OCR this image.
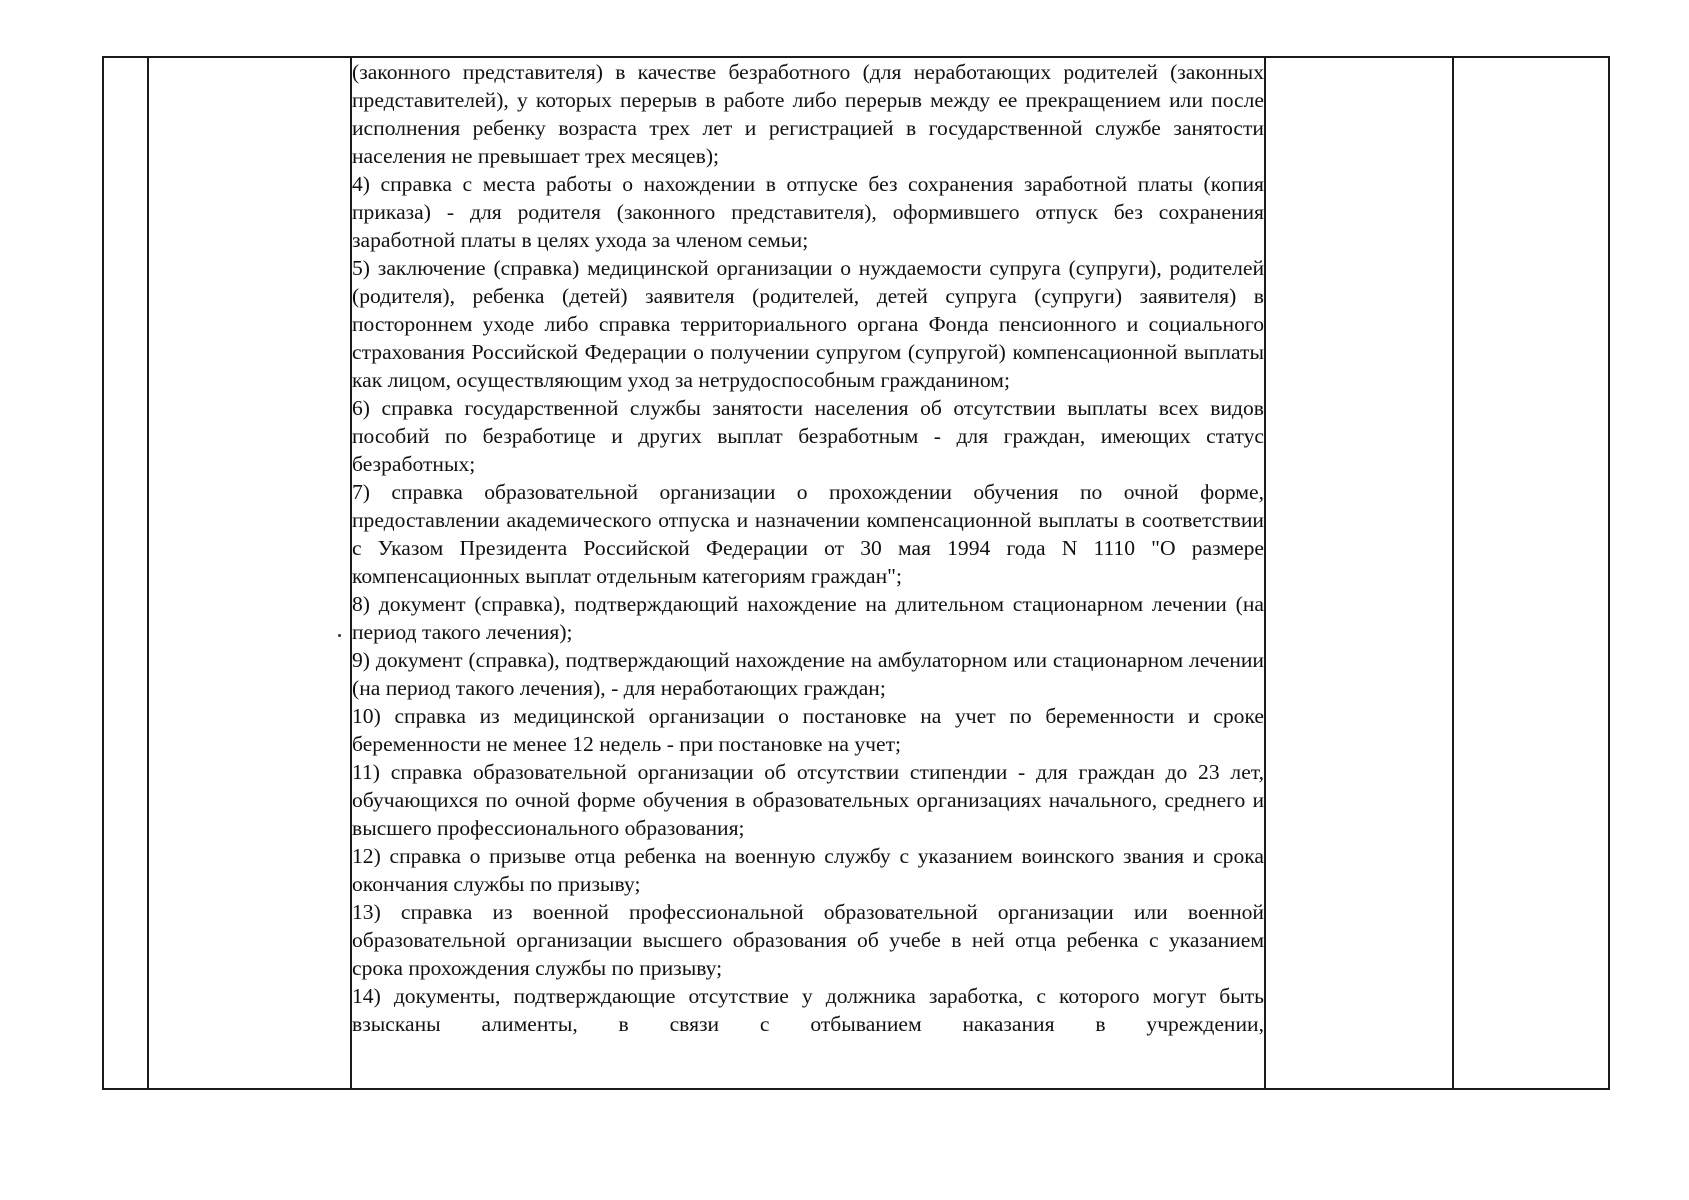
(законного представителя) в качестве безработного (для неработающих родителей (законных представителей), у которых перерыв в работе либо перерыв между ее прекращением или после исполнения ребенку возраста трех лет и регистрацией в государственной службе занятости населения не превышает трех месяцев);

4) справка с места работы о нахождении в отпуске без сохранения заработной платы (копия приказа) - для родителя (законного представителя), оформившего отпуск без сохранения заработной платы в целях ухода за членом семьи;

5) заключение (справка) медицинской организации о нуждаемости супруга (супруги), родителей (родителя), ребенка (детей) заявителя (родителей, детей супруга (супруги) заявителя) в постороннем уходе либо справка территориального органа Фонда пенсионного и социального страхования Российской Федерации о получении супругом (супругой) компенсационной выплаты как лицом, осуществляющим уход за нетрудоспособным гражданином;

6) справка государственной службы занятости населения об отсутствии выплаты всех видов пособий по безработице и других выплат безработным - для граждан, имеющих статус безработных;

7) справка образовательной организации о прохождении обучения по очной форме, предоставлении академического отпуска и назначении компенсационной выплаты в соответствии с Указом Президента Российской Федерации от 30 мая 1994 года N 1110 "О размере компенсационных выплат отдельным категориям граждан";

8) документ (справка), подтверждающий нахождение на длительном стационарном лечении (на период такого лечения);

9) документ (справка), подтверждающий нахождение на амбулаторном или стационарном лечении (на период такого лечения), - для неработающих граждан;

10) справка из медицинской организации о постановке на учет по беременности и сроке беременности не менее 12 недель - при постановке на учет;

11) справка образовательной организации об отсутствии стипендии - для граждан до 23 лет, обучающихся по очной форме обучения в образовательных организациях начального, среднего и высшего профессионального образования;

12) справка о призыве отца ребенка на военную службу с указанием воинского звания и срока окончания службы по призыву;

13) справка из военной профессиональной образовательной организации или военной образовательной организации высшего образования об учебе в ней отца ребенка с указанием срока прохождения службы по призыву;

14) документы, подтверждающие отсутствие у должника заработка, с которого могут быть взысканы алименты, в связи с отбыванием наказания в учреждении,
